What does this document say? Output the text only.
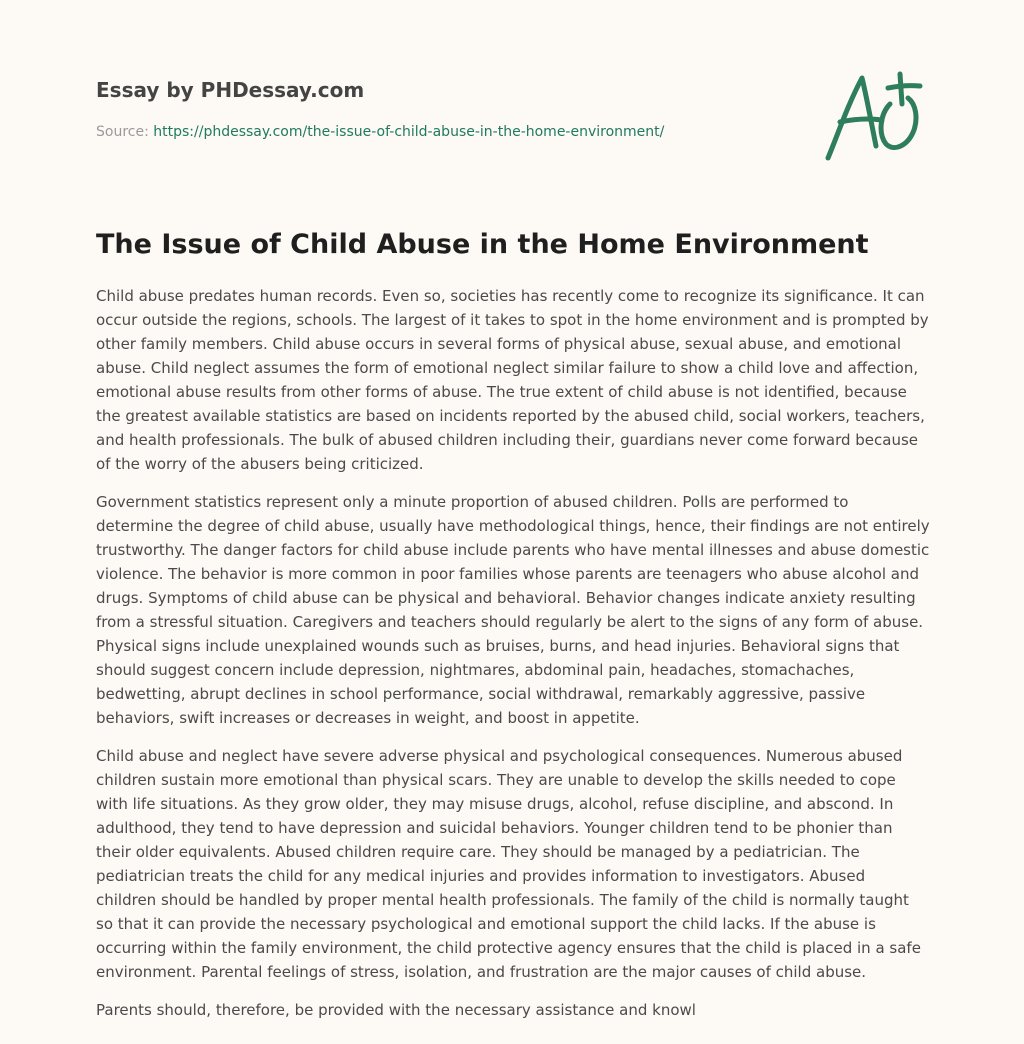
Essay by PHDessay.com
Source: https://phdessay.com/the-issue-of-child-abuse-in-the-home-environment/
The Issue of Child Abuse in the Home Environment

Child abuse predates human records. Even so, societies has recently come to recognize its significance. It can occur outside the regions, schools. The largest of it takes to spot in the home environment and is prompted by other family members. Child abuse occurs in several forms of physical abuse, sexual abuse, and emotional abuse. Child neglect assumes the form of emotional neglect similar failure to show a child love and affection, emotional abuse results from other forms of abuse. The true extent of child abuse is not identified, because the greatest available statistics are based on incidents reported by the abused child, social workers, teachers, and health professionals. The bulk of abused children including their, guardians never come forward because of the worry of the abusers being criticized.

Government statistics represent only a minute proportion of abused children. Polls are performed to determine the degree of child abuse, usually have methodological things, hence, their findings are not entirely trustworthy. The danger factors for child abuse include parents who have mental illnesses and abuse domestic violence. The behavior is more common in poor families whose parents are teenagers who abuse alcohol and drugs. Symptoms of child abuse can be physical and behavioral. Behavior changes indicate anxiety resulting from a stressful situation. Caregivers and teachers should regularly be alert to the signs of any form of abuse. Physical signs include unexplained wounds such as bruises, burns, and head injuries. Behavioral signs that should suggest concern include depression, nightmares, abdominal pain, headaches, stomachaches, bedwetting, abrupt declines in school performance, social withdrawal, remarkably aggressive, passive behaviors, swift increases or decreases in weight, and boost in appetite.

Child abuse and neglect have severe adverse physical and psychological consequences. Numerous abused children sustain more emotional than physical scars. They are unable to develop the skills needed to cope with life situations. As they grow older, they may misuse drugs, alcohol, refuse discipline, and abscond. In adulthood, they tend to have depression and suicidal behaviors. Younger children tend to be phonier than their older equivalents. Abused children require care. They should be managed by a pediatrician. The pediatrician treats the child for any medical injuries and provides information to investigators. Abused children should be handled by proper mental health professionals. The family of the child is normally taught so that it can provide the necessary psychological and emotional support the child lacks. If the abuse is occurring within the family environment, the child protective agency ensures that the child is placed in a safe environment. Parental feelings of stress, isolation, and frustration are the major causes of child abuse.

Parents should, therefore, be provided with the necessary assistance and knowl
